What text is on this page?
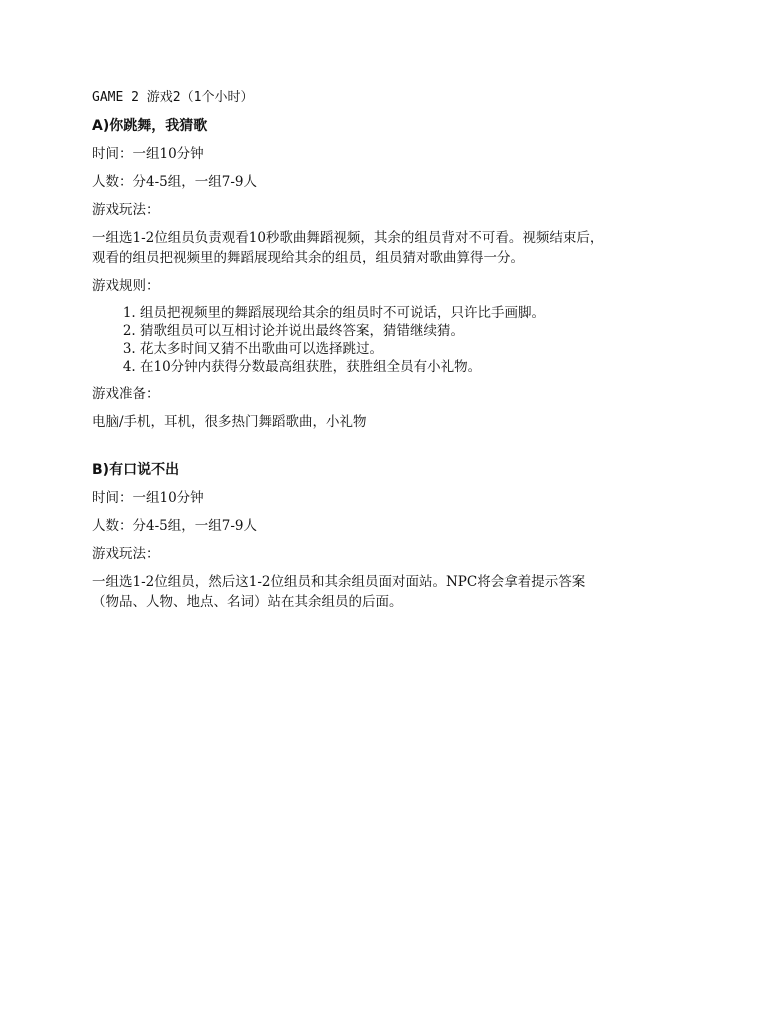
GAME 2 游戏2（1个小时）

A)你跳舞，我猜歌

时间：一组10分钟

人数：分4-5组，一组7-9人

游戏玩法：

一组选1-2位组员负责观看10秒歌曲舞蹈视频，其余的组员背对不可看。视频结束后，

观看的组员把视频里的舞蹈展现给其余的组员，组员猜对歌曲算得一分。

游戏规则：

1. 组员把视频里的舞蹈展现给其余的组员时不可说话，只许比手画脚。
2. 猜歌组员可以互相讨论并说出最终答案，猜错继续猜。
3. 花太多时间又猜不出歌曲可以选择跳过。
4. 在10分钟内获得分数最高组获胜，获胜组全员有小礼物。

游戏准备：

电脑/手机，耳机，很多热门舞蹈歌曲，小礼物

B)有口说不出

时间：一组10分钟

人数：分4-5组，一组7-9人

游戏玩法：

一组选1-2位组员，然后这1-2位组员和其余组员面对面站。NPC将会拿着提示答案

（物品、人物、地点、名词）站在其余组员的后面。
